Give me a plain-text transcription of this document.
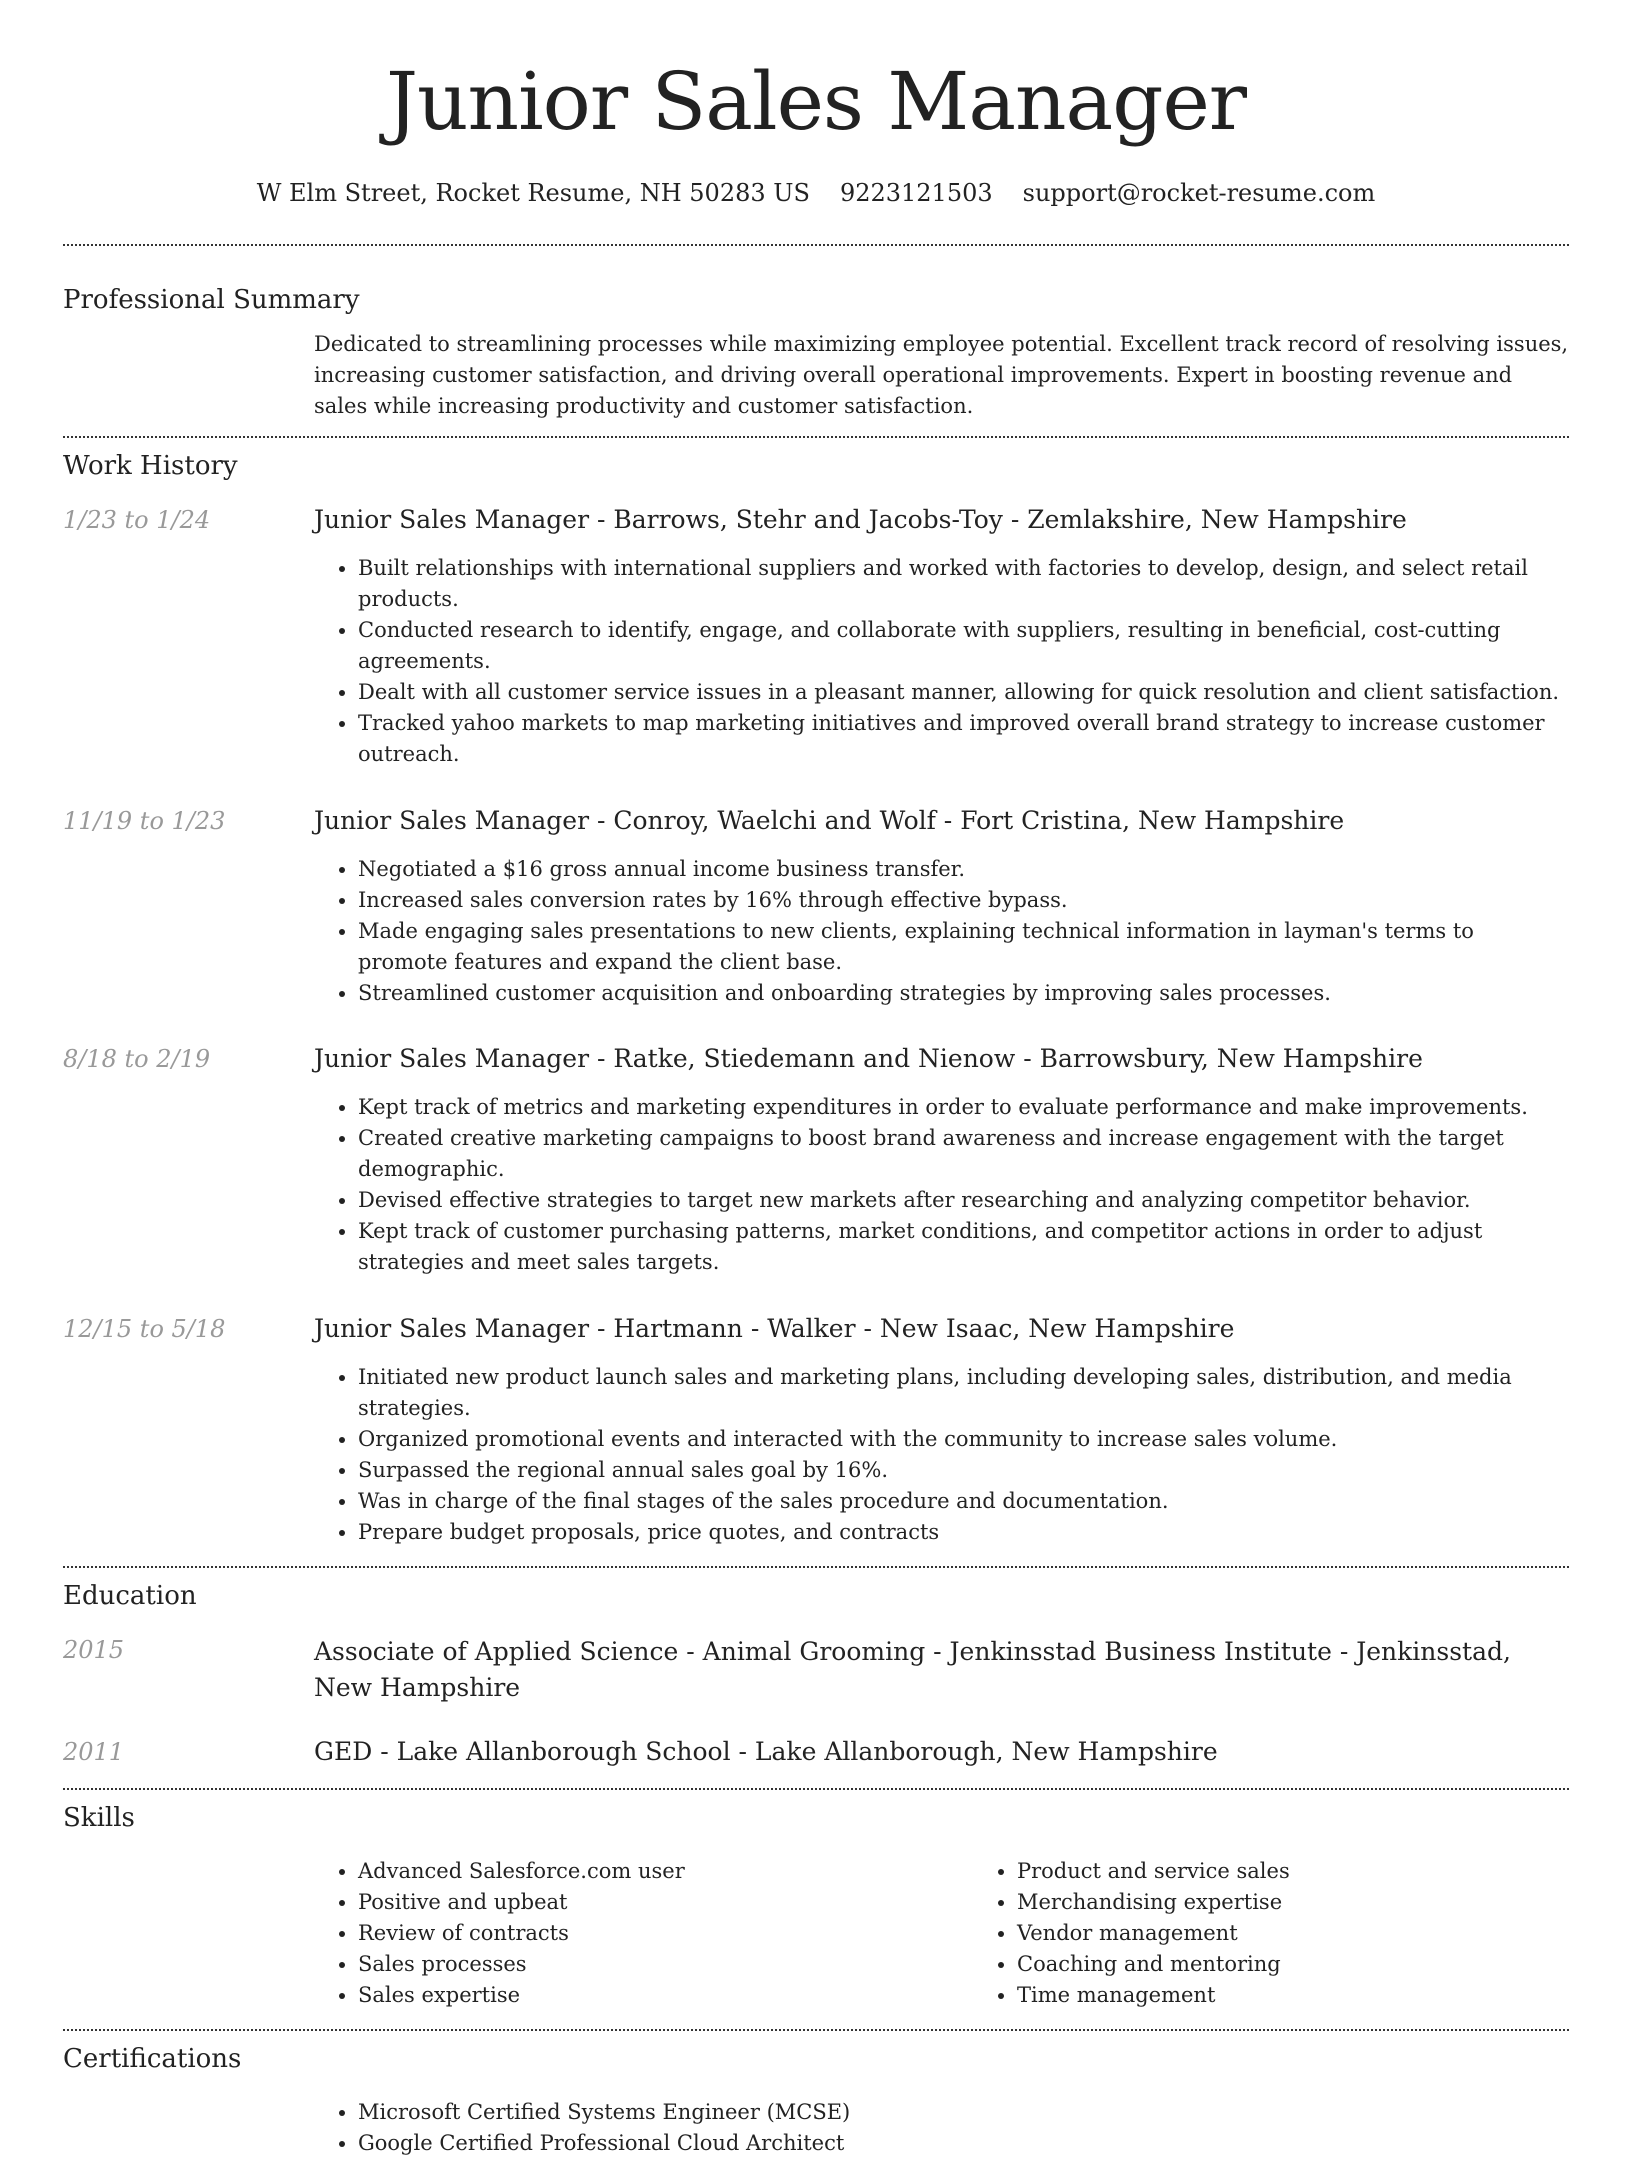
Junior Sales Manager
W Elm Street, Rocket Resume, NH 50283 US 9223121503 support@rocket-resume.com
Professional Summary

Dedicated to streamlining processes while maximizing employee potential. Excellent track record of resolving issues, increasing customer satisfaction, and driving overall operational improvements. Expert in boosting revenue and sales while increasing productivity and customer satisfaction.

Work History
1/23 to 1/24	Junior Sales Manager - Barrows, Stehr and Jacobs-Toy - Zemlakshire, New Hampshire

• Built relationships with international suppliers and worked with factories to develop, design, and select retail products.
• Conducted research to identify, engage, and collaborate with suppliers, resulting in beneficial, cost-cutting agreements.
• Dealt with all customer service issues in a pleasant manner, allowing for quick resolution and client satisfaction.
• Tracked yahoo markets to map marketing initiatives and improved overall brand strategy to increase customer outreach.
11/19 to 1/23	Junior Sales Manager - Conroy, Waelchi and Wolf - Fort Cristina, New Hampshire

• Negotiated a $16 gross annual income business transfer.
• Increased sales conversion rates by 16% through effective bypass.
• Made engaging sales presentations to new clients, explaining technical information in layman's terms to promote features and expand the client base.
• Streamlined customer acquisition and onboarding strategies by improving sales processes.
8/18 to 2/19	Junior Sales Manager - Ratke, Stiedemann and Nienow - Barrowsbury, New Hampshire

• Kept track of metrics and marketing expenditures in order to evaluate performance and make improvements.
• Created creative marketing campaigns to boost brand awareness and increase engagement with the target demographic.
• Devised effective strategies to target new markets after researching and analyzing competitor behavior.
• Kept track of customer purchasing patterns, market conditions, and competitor actions in order to adjust strategies and meet sales targets.
12/15 to 5/18	Junior Sales Manager - Hartmann - Walker - New Isaac, New Hampshire

• Initiated new product launch sales and marketing plans, including developing sales, distribution, and media strategies.
• Organized promotional events and interacted with the community to increase sales volume.
• Surpassed the regional annual sales goal by 16%.
• Was in charge of the final stages of the sales procedure and documentation.
• Prepare budget proposals, price quotes, and contracts
Education
2015	Associate of Applied Science - Animal Grooming - Jenkinsstad Business Institute - Jenkinsstad, New Hampshire

2011	GED - Lake Allanborough School - Lake Allanborough, New Hampshire

Skills
• Advanced Salesforce.com user
• Positive and upbeat
• Review of contracts
• Sales processes
• Sales expertise
• Product and service sales
• Merchandising expertise
• Vendor management
• Coaching and mentoring
• Time management
Certifications
• Microsoft Certified Systems Engineer (MCSE)
• Google Certified Professional Cloud Architect
